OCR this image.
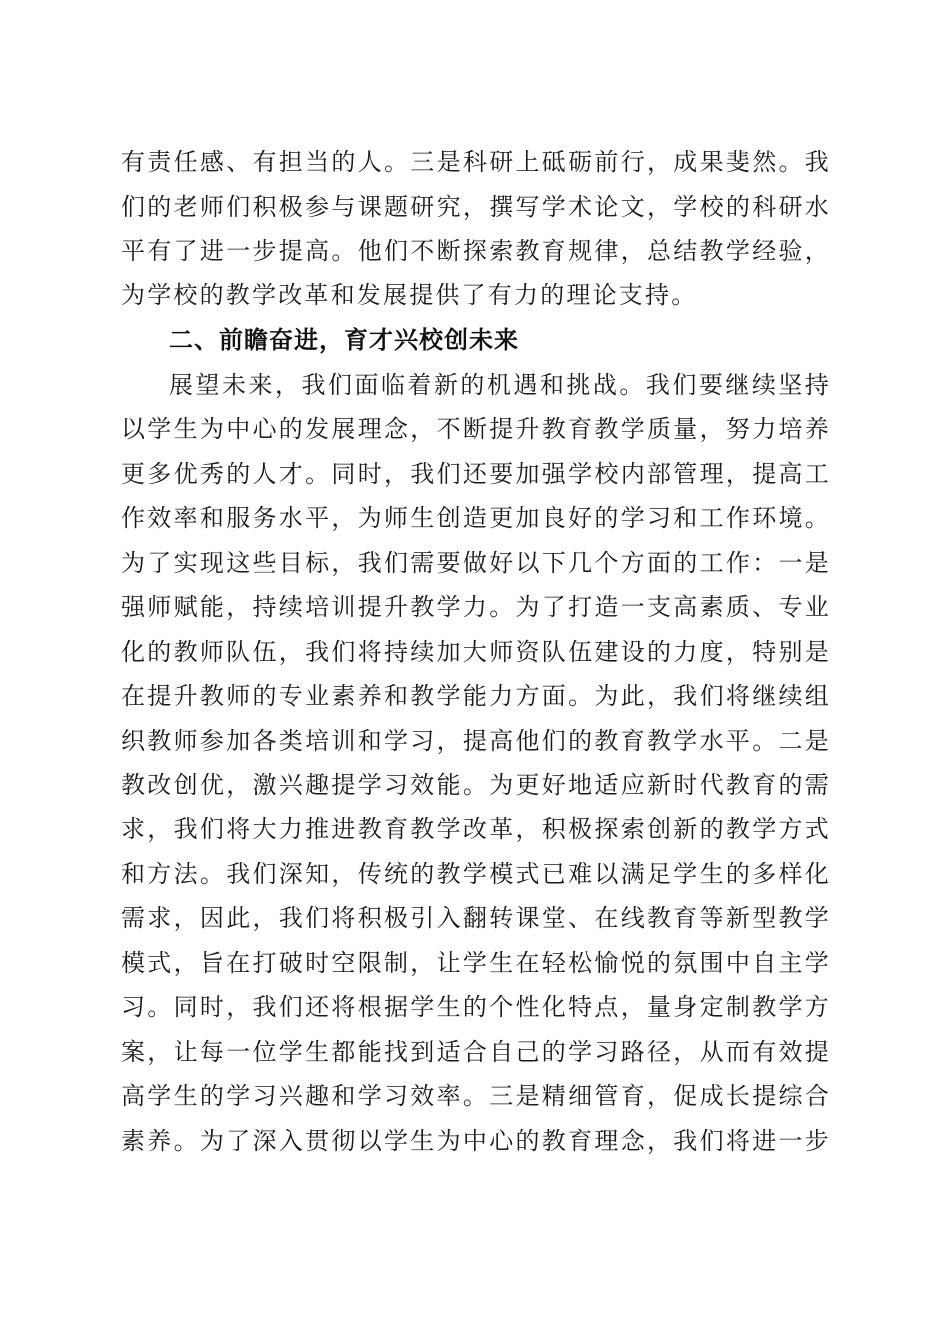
有责任感、有担当的人。三是科研上砥砺前行，成果斐然。我
们的老师们积极参与课题研究，撰写学术论文，学校的科研水
平有了进一步提高。他们不断探索教育规律，总结教学经验，
为学校的教学改革和发展提供了有力的理论支持。
二、前瞻奋进，育才兴校创未来
展望未来，我们面临着新的机遇和挑战。我们要继续坚持
以学生为中心的发展理念，不断提升教育教学质量，努力培养
更多优秀的人才。同时，我们还要加强学校内部管理，提高工
作效率和服务水平，为师生创造更加良好的学习和工作环境。
为了实现这些目标，我们需要做好以下几个方面的工作：一是
强师赋能，持续培训提升教学力。为了打造一支高素质、专业
化的教师队伍，我们将持续加大师资队伍建设的力度，特别是
在提升教师的专业素养和教学能力方面。为此，我们将继续组
织教师参加各类培训和学习，提高他们的教育教学水平。二是
教改创优，激兴趣提学习效能。为更好地适应新时代教育的需
求，我们将大力推进教育教学改革，积极探索创新的教学方式
和方法。我们深知，传统的教学模式已难以满足学生的多样化
需求，因此，我们将积极引入翻转课堂、在线教育等新型教学
模式，旨在打破时空限制，让学生在轻松愉悦的氛围中自主学
习。同时，我们还将根据学生的个性化特点，量身定制教学方
案，让每一位学生都能找到适合自己的学习路径，从而有效提
高学生的学习兴趣和学习效率。三是精细管育，促成长提综合
素养。为了深入贯彻以学生为中心的教育理念，我们将进一步
